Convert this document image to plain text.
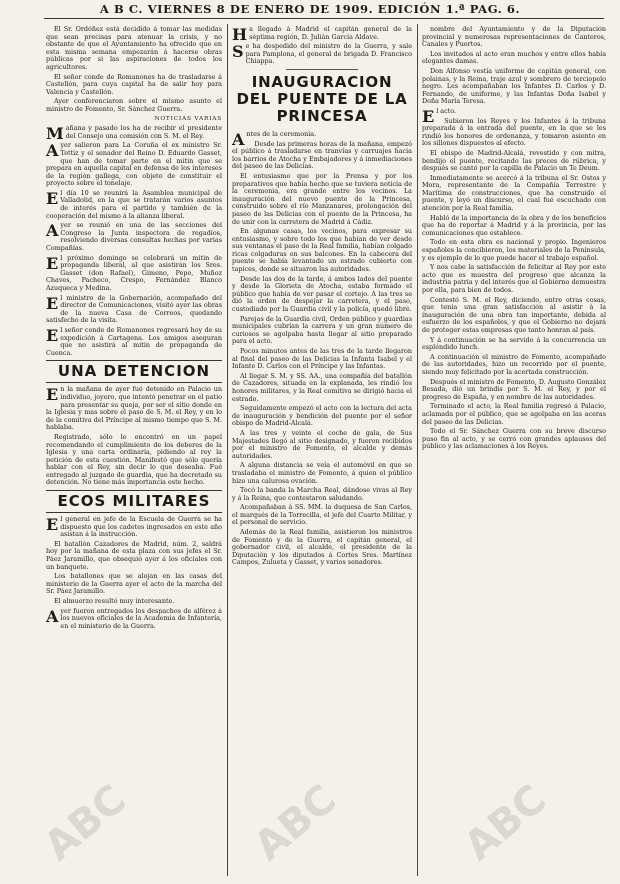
A B C. VIERNES 8 DE ENERO DE 1909. EDICIÓN 1.ª PAG. 6.

El Sr. Ordóñez está decidido á tomar las medidas que sean precisas para atenuar la crisis, y no obstante de que el Ayuntamiento ha ofrecido que en esta misma semana empezarán á hacerse obras públicas por si las aspiraciones de todos los agricultores.

El señor conde de Romanones ha de trasladarse á Castellón, para cuya capital ha de salir hoy para Valencia y Castellón.

Ayer conferenciaron sobre el mismo asunto el ministro de Fomento, Sr. Sánchez Guerra.

NOTICIAS VARIAS

Mañana y pasado los ha de recibir el presidente del Consejo una comisión con S. M. el Rey.

Ayer salieron para La Coruña el ex ministro Sr. Tettiz y el senador del Reino D. Eduardo Gasset, que han de tomar parte en el mitin que se prepara en aquella capital en defensa de los intereses de la región gallega, con objeto de constituir el proyecto sobre el tonelaje.

El día 10 se reunirá la Asamblea municipal de Valladolid, en la que se tratarán varios asuntos de interés para el partido y también de la cooperación del mismo á la alianza liberal.

Ayer se reunió en una de las secciones del Congreso la Junta inspectora de regadíos, resolviendo diversas consultas hechas por varias Compañías.

El próximo domingo se celebrará un mitin de propaganda liberal, al que asistirán los Sres. Gasset (don Rafael), Gimeno, Pepo, Muñoz Chaves, Pacheco, Crespo, Fernández Blanco Azuqueca y Medina.

El ministro de la Gobernación, acompañado del director de Comunicaciones, visitó ayer las obras de la nueva Casa de Correos, quedando satisfecho de la visita.

El señor conde de Romanones regresará hoy de su expedición á Cartagena. Los amigos aseguran que no asistirá al mitin de propaganda de Cuenca.

UNA DETENCION

En la mañana de ayer fué detenido en Palacio un individuo, joyero, que intentó penetrar en el patio para presentar su queja, por ser el sitio donde en la Iglesia y mas sobre el paso de S. M. el Rey, y en lo de la comitiva del Príncipe al mismo tiempo que S. M. hablaba.

Registrado, sólo le encontró en un papel recomendando el cumplimiento de los deberes de la Iglesia y una carta ordinaria, pidiendo al rey la petición de esta cuestión. Manifestó que sólo quería hablar con el Rey, sin decir lo que deseaba. Fué entregado al juzgado de guardia, que ha decretado su detención. No tiene más importancia este hecho.

ECOS MILITARES

El general en jefe de la Escuela de Guerra se ha dispuesto que los cadetes ingresados en este año asistan á la instrucción.

El batallón Cazadores de Madrid, núm. 2, saldrá hoy por la mañana de esta plaza con sus jefes el Sr. Páez Jaramillo, que obsequió ayer á los oficiales con un banquete.

Los batallones que se alojan en las casas del ministerio de la Guerra ayer el acto de la marcha del Sr. Páez Jaramillo.

El almuerzo resultó muy interesante.

Ayer fueron entregados los despachos de alférez á los nuevos oficiales de la Academia de Infantería, en el ministerio de la Guerra.

Ha llegado á Madrid el capitán general de la séptima región, D. Julián García Aldave.

Se ha despedido del ministro de la Guerra, y sale para Pamplona, el general de brigada D. Francisco Chiappa.

INAUGURACION DEL PUENTE DE LA PRINCESA

Antes de la ceremonia.

Desde las primeras horas de la mañana, empezó el público á trasladarse en tranvías y carruajes hacia los barrios de Atocha y Embajadores y á inmediaciones del paseo de las Delicias.

El entusiasmo que por la Prensa y por los preparativos que había hecho que se tuviera noticia de la ceremonia, era grande entre los vecinos. La inauguración del nuevo puente de la Princesa, construido sobre el río Manzanares, prolongación del paseo de las Delicias con el puente de la Princesa, ha de unir con la carretera de Madrid á Cádiz.

En algunas casas, los vecinos, para expresar su entusiasmo, y sobre todo los que habían de ver desde sus ventanas el paso de la Real familia, habían colgado ricas colgaduras en sus balcones. En la cabecera del puente se había levantado un estrado cubierto con tapices, donde se situaron las autoridades.

Desde las dos de la tarde, á ambos lados del puente y desde la Glorieta de Atocha, estaba formado el público que había de ver pasar el cortejo. A las tres se dió la orden de despejar la carretera, y el paso, custodiado por la Guardia civil y la policía, quedó libre.

Parejas de la Guardia civil, Orden público y guardias municipales cubrían la carrera y un gran número de curiosos se agolpaba hasta llegar al sitio preparado para el acto.

Pocos minutos antes de las tres de la tarde llegaron al final del paseo de las Delicias la Infanta Isabel y el Infante D. Carlos con el Príncipe y las Infantas.

Al llegar S. M. y SS. AA., una compañía del batallón de Cazadores, situada en la explanada, les rindió los honores militares, y la Real comitiva se dirigió hacia el estrado.

Seguidamente empezó el acto con la lectura del acta de inauguración y bendición del puente por el señor obispo de Madrid-Alcalá.

A las tres y veinte el coche de gala, de Sus Majestades llegó al sitio designado, y fueron recibidos por el ministro de Fomento, el alcalde y demás autoridades.

A alguna distancia se veía el automóvil en que se trasladaba el ministro de Fomento, á quien el público hizo una calurosa ovación.

Tocó la banda la Marcha Real, dándose vivas al Rey y á la Reina, que contestaron saludando.

Acompañaban á SS. MM. la duquesa de San Carlos, el marqués de la Torrecilla, el jefe del Cuarto Militar, y el personal de servicio.

Además de la Real familia, asistieron los ministros de Fomento y de la Guerra, el capitán general, el gobernador civil, el alcalde, el presidente de la Diputación y los diputados á Cortes Sres. Martínez Campos, Zulueta y Gasset, y varios senadores.

nombre del Ayuntamiento y de la Diputación provincial y numerosas representaciones de Canteros, Canales y Puertos.

Los invitados al acto eran muchos y entre ellos había elegantes damas.

Don Alfonso vestía uniforme de capitán general, con polainas, y la Reina, traje azul y sombrero de terciopelo negro. Les acompañaban los Infantes D. Carlos y D. Fernando, de uniforme, y las Infantas Doña Isabel y Doña María Teresa.

El acto.

Subieron los Reyes y los Infantes á la tribuna preparada á la entrada del puente, en la que se les rindió los honores de ordenanza, y tomaron asiento en los sillones dispuestos al efecto.

El obispo de Madrid-Alcalá, revestido y con mitra, bendijo el puente, recitando las preces de rúbrica, y después se cantó por la capilla de Palacio un Te Deum.

Inmediatamente se acercó á la tribuna el Sr. Ostos y Mora, representante de la Compañía Terrestre y Marítima de construcciones, que ha construido el puente, y leyó un discurso, el cual fué escuchado con atención por la Real familia.

Habló de la importancia de la obra y de los beneficios que ha de reportar á Madrid y á la provincia, por las comunicaciones que establece.

Todo en esta obra es nacional y propio. Ingenieros españoles la concibieron, los materiales de la Península, y es ejemplo de lo que puede hacer el trabajo español.

Y nos cabe la satisfacción de felicitar al Rey por este acto que es muestra del progreso que alcanza la industria patria y del interés que el Gobierno demuestra por ella, para bien de todos.

Contestó S. M. el Rey, diciendo, entre otras cosas, que tenía una gran satisfacción al asistir á la inauguración de una obra tan importante, debida al esfuerzo de los españoles, y que el Gobierno no dejará de proteger estas empresas que tanto honran al país.

Y á continuación se ha servido á la concurrencia un espléndido lunch.

A continuación el ministro de Fomento, acompañado de las autoridades, hizo un recorrido por el puente, siendo muy felicitado por la acertada construcción.

Después el ministro de Fomento, D. Augusto González Besada, dió un brindis por S. M. el Rey, y por el progreso de España, y en nombre de las autoridades.

Terminado el acto, la Real familia regresó á Palacio, aclamada por el público, que se agolpaba en las aceras del paseo de las Delicias.

Todo el Sr. Sánchez Guerra con su breve discurso puso fin al acto, y se cerró con grandes aplausos del público y las aclamaciones á los Reyes.

ABC	ABC	ABC
